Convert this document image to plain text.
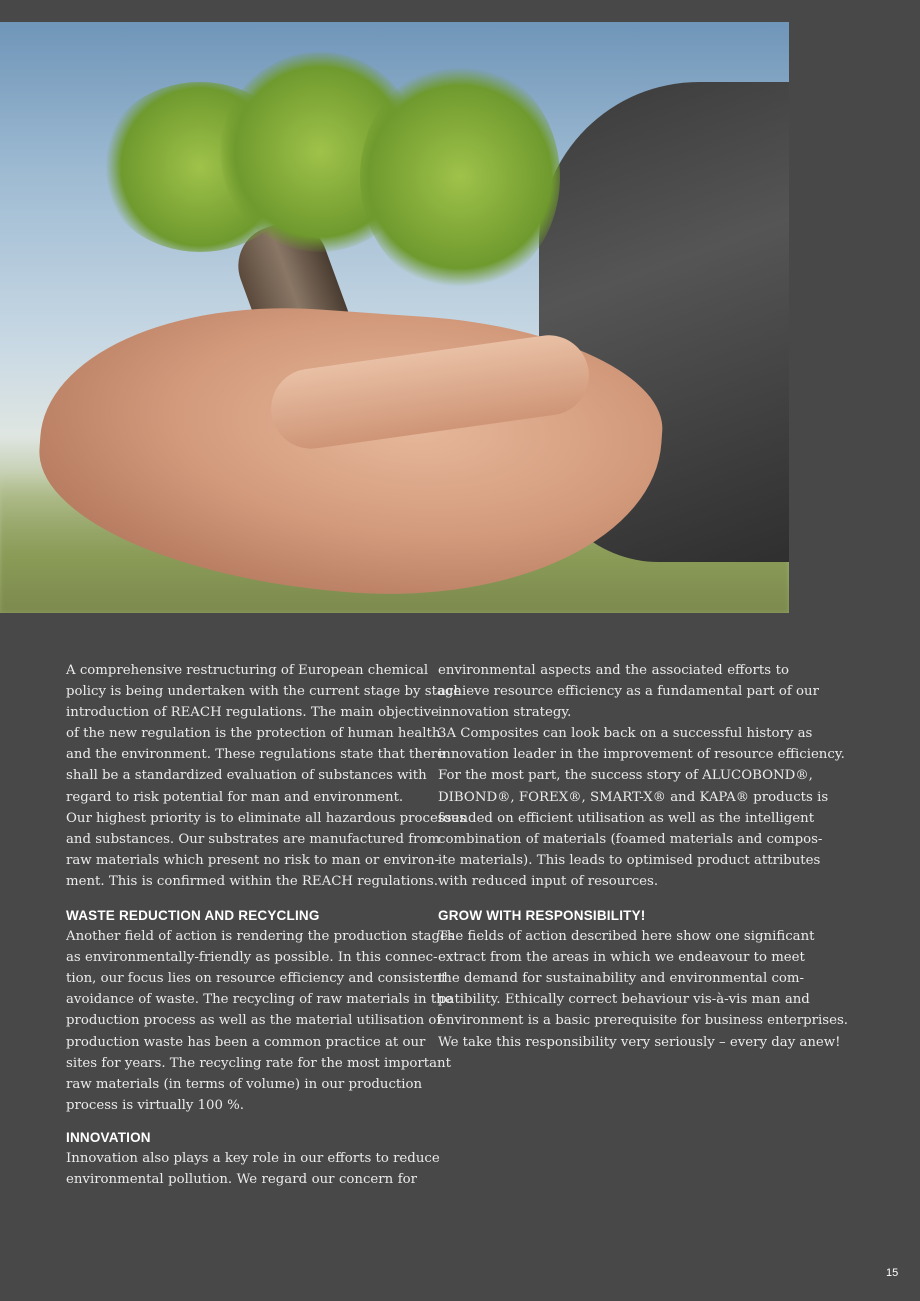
A comprehensive restructuring of European chemical
policy is being undertaken with the current stage by stage
introduction of REACH regulations. The main objective
of the new regulation is the protection of human health
and the environment. These regulations state that there
shall be a standardized evaluation of substances with
regard to risk potential for man and environment.
Our highest priority is to eliminate all hazardous processes
and substances. Our substrates are manufactured from
raw materials which present no risk to man or environ-
ment. This is confirmed within the REACH regulations.
WASTE REDUCTION AND RECYCLING
Another field of action is rendering the production stages
as environmentally-friendly as possible. In this connec-
tion, our focus lies on resource efficiency and consistent
avoidance of waste. The recycling of raw materials in the
production process as well as the material utilisation of
production waste has been a common practice at our
sites for years. The recycling rate for the most important
raw materials (in terms of volume) in our production
process is virtually 100 %.
INNOVATION
Innovation also plays a key role in our efforts to reduce
environmental pollution. We regard our concern for
environmental aspects and the associated efforts to
achieve resource efficiency as a fundamental part of our
innovation strategy.
3A Composites can look back on a successful history as
innovation leader in the improvement of resource efficiency.
For the most part, the success story of ALUCOBOND®,
DIBOND®, FOREX®, SMART-X® and KAPA® products is
founded on efficient utilisation as well as the intelligent
combination of materials (foamed materials and compos-
ite materials). This leads to optimised product attributes
with reduced input of resources.
GROW WITH RESPONSIBILITY!
The fields of action described here show one significant
extract from the areas in which we endeavour to meet
the demand for sustainability and environmental com-
patibility. Ethically correct behaviour vis-à-vis man and
environment is a basic prerequisite for business enterprises.
We take this responsibility very seriously – every day anew!
15
